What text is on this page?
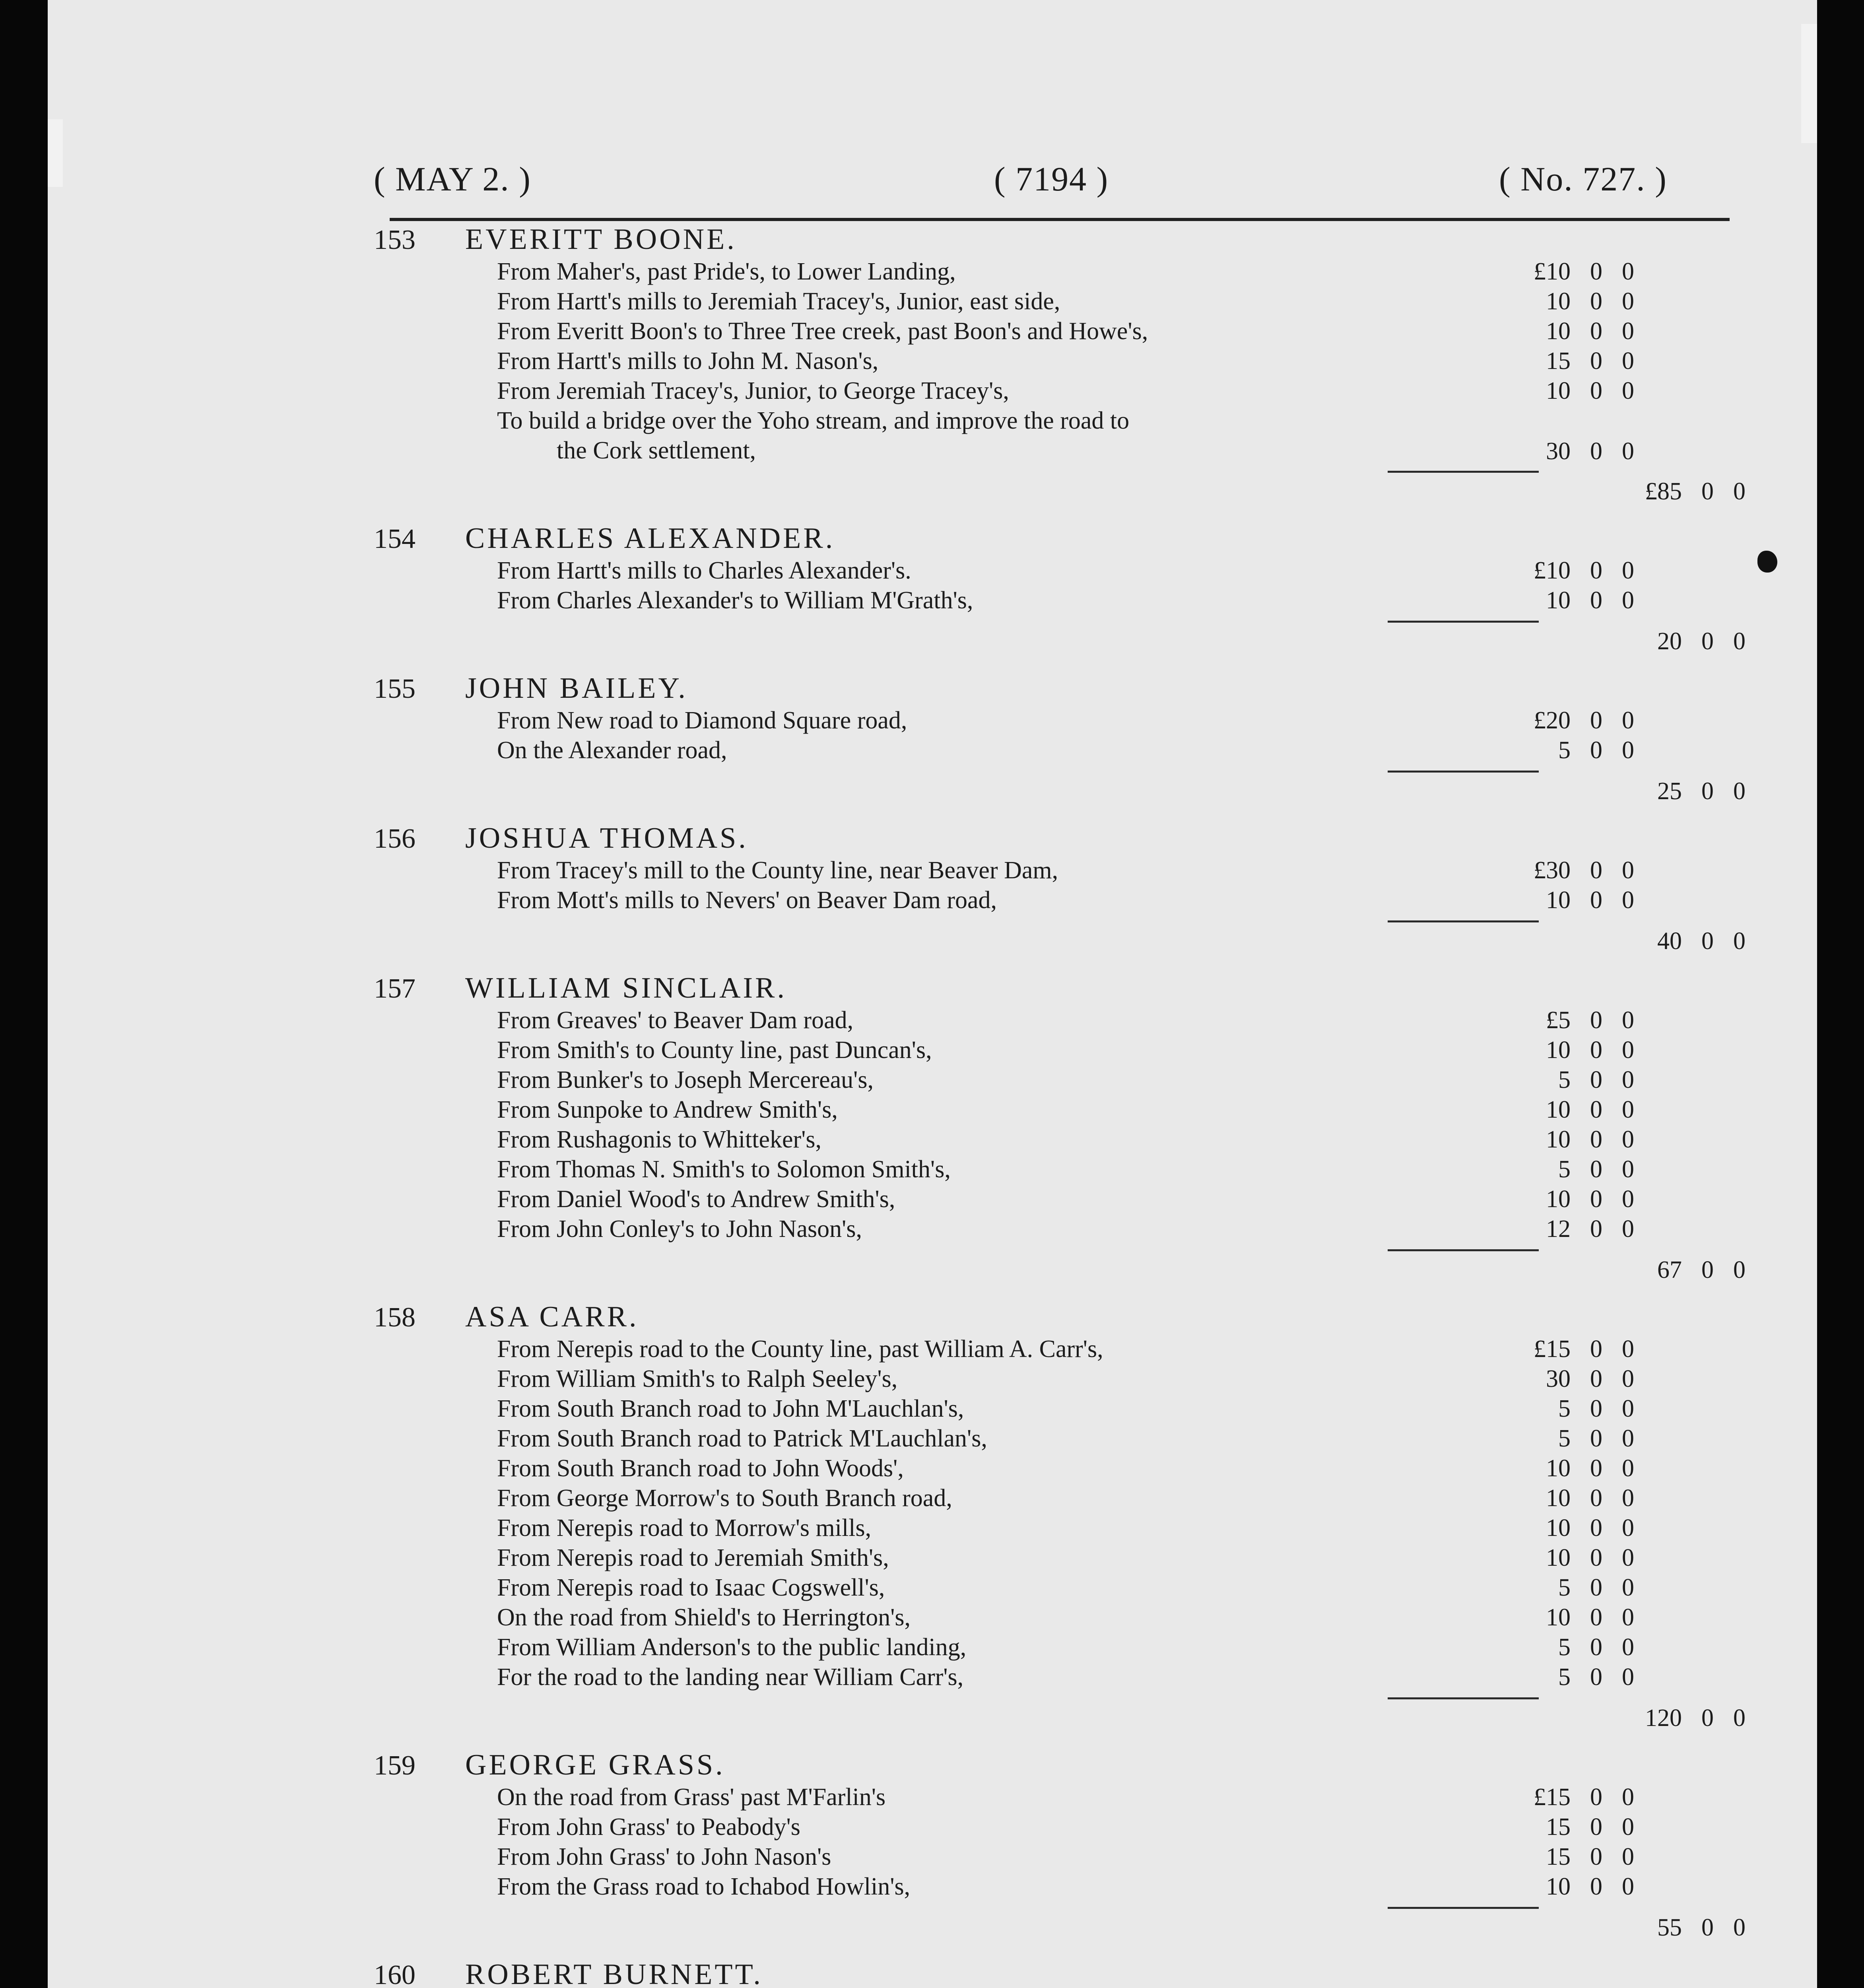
( MAY 2. )	( 7194 )	( No. 727. )
153	EVERITT BOONE.
From Maher's, past Pride's, to Lower Landing,	£10 0 0
From Hartt's mills to Jeremiah Tracey's, Junior, east side,	10 0 0
From Everitt Boon's to Three Tree creek, past Boon's and Howe's,	10 0 0
From Hartt's mills to John M. Nason's,	15 0 0
From Jeremiah Tracey's, Junior, to George Tracey's,	10 0 0
To build a bridge over the Yoho stream, and improve the road to
the Cork settlement,	30 0 0
£85 0 0
154	CHARLES ALEXANDER.
From Hartt's mills to Charles Alexander's.	£10 0 0
From Charles Alexander's to William M'Grath's,	10 0 0
20 0 0
155	JOHN BAILEY.
From New road to Diamond Square road,	£20 0 0
On the Alexander road,	5 0 0
25 0 0
156	JOSHUA THOMAS.
From Tracey's mill to the County line, near Beaver Dam,	£30 0 0
From Mott's mills to Nevers' on Beaver Dam road,	10 0 0
40 0 0
157	WILLIAM SINCLAIR.
From Greaves' to Beaver Dam road,	£5 0 0
From Smith's to County line, past Duncan's,	10 0 0
From Bunker's to Joseph Mercereau's,	5 0 0
From Sunpoke to Andrew Smith's,	10 0 0
From Rushagonis to Whitteker's,	10 0 0
From Thomas N. Smith's to Solomon Smith's,	5 0 0
From Daniel Wood's to Andrew Smith's,	10 0 0
From John Conley's to John Nason's,	12 0 0
67 0 0
158	ASA CARR.
From Nerepis road to the County line, past William A. Carr's,	£15 0 0
From William Smith's to Ralph Seeley's,	30 0 0
From South Branch road to John M'Lauchlan's,	5 0 0
From South Branch road to Patrick M'Lauchlan's,	5 0 0
From South Branch road to John Woods',	10 0 0
From George Morrow's to South Branch road,	10 0 0
From Nerepis road to Morrow's mills,	10 0 0
From Nerepis road to Jeremiah Smith's,	10 0 0
From Nerepis road to Isaac Cogswell's,	5 0 0
On the road from Shield's to Herrington's,	10 0 0
From William Anderson's to the public landing,	5 0 0
For the road to the landing near William Carr's,	5 0 0
120 0 0
159	GEORGE GRASS.
On the road from Grass' past M'Farlin's	£15 0 0
From John Grass' to Peabody's	15 0 0
From John Grass' to John Nason's	15 0 0
From the Grass road to Ichabod Howlin's,	10 0 0
55 0 0
160	ROBERT BURNETT.
